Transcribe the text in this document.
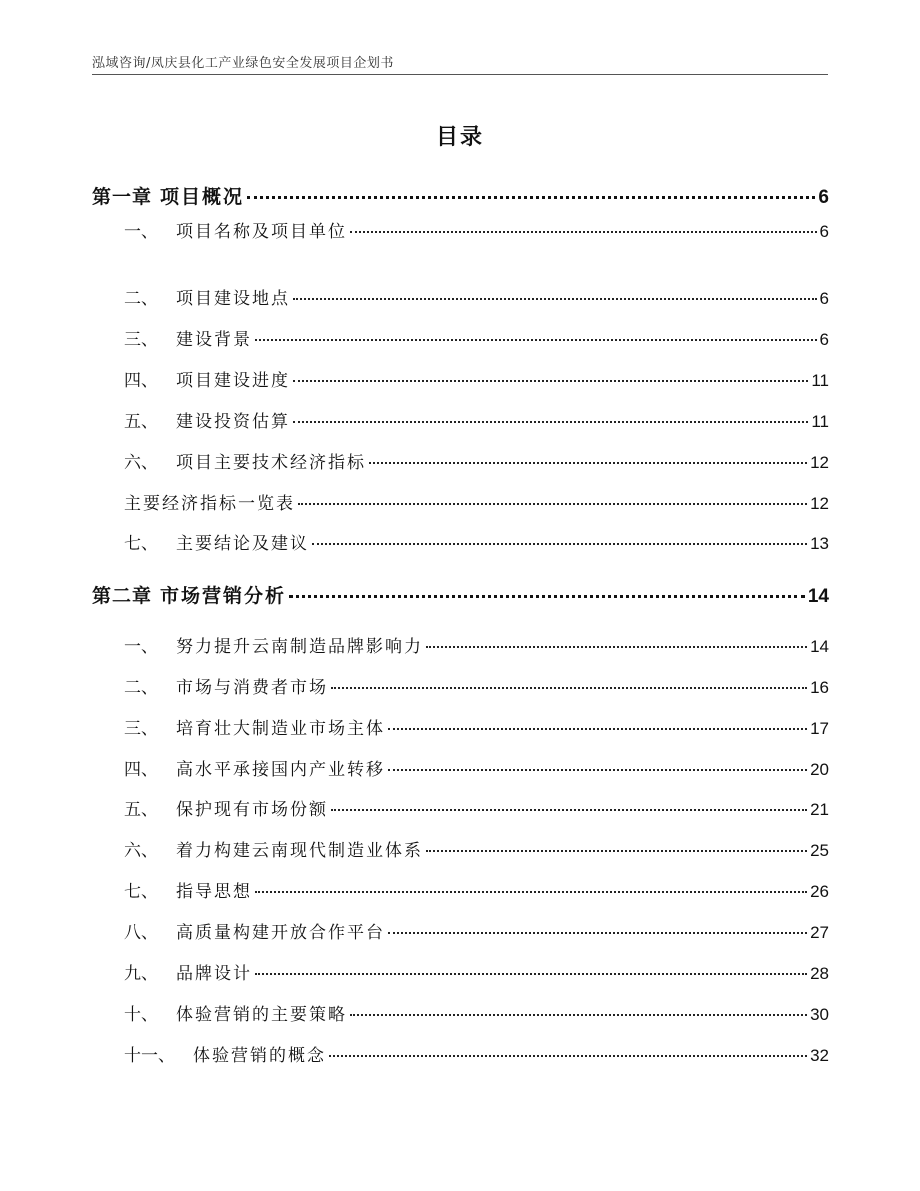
泓域咨询/凤庆县化工产业绿色安全发展项目企划书
目录
第一章 项目概况	6
一、 项目名称及项目单位	6
二、 项目建设地点	6
三、 建设背景	6
四、 项目建设进度	11
五、 建设投资估算	11
六、 项目主要技术经济指标	12
主要经济指标一览表	12
七、 主要结论及建议	13
第二章 市场营销分析	14
一、 努力提升云南制造品牌影响力	14
二、 市场与消费者市场	16
三、 培育壮大制造业市场主体	17
四、 高水平承接国内产业转移	20
五、 保护现有市场份额	21
六、 着力构建云南现代制造业体系	25
七、 指导思想	26
八、 高质量构建开放合作平台	27
九、 品牌设计	28
十、 体验营销的主要策略	30
十一、 体验营销的概念	32
